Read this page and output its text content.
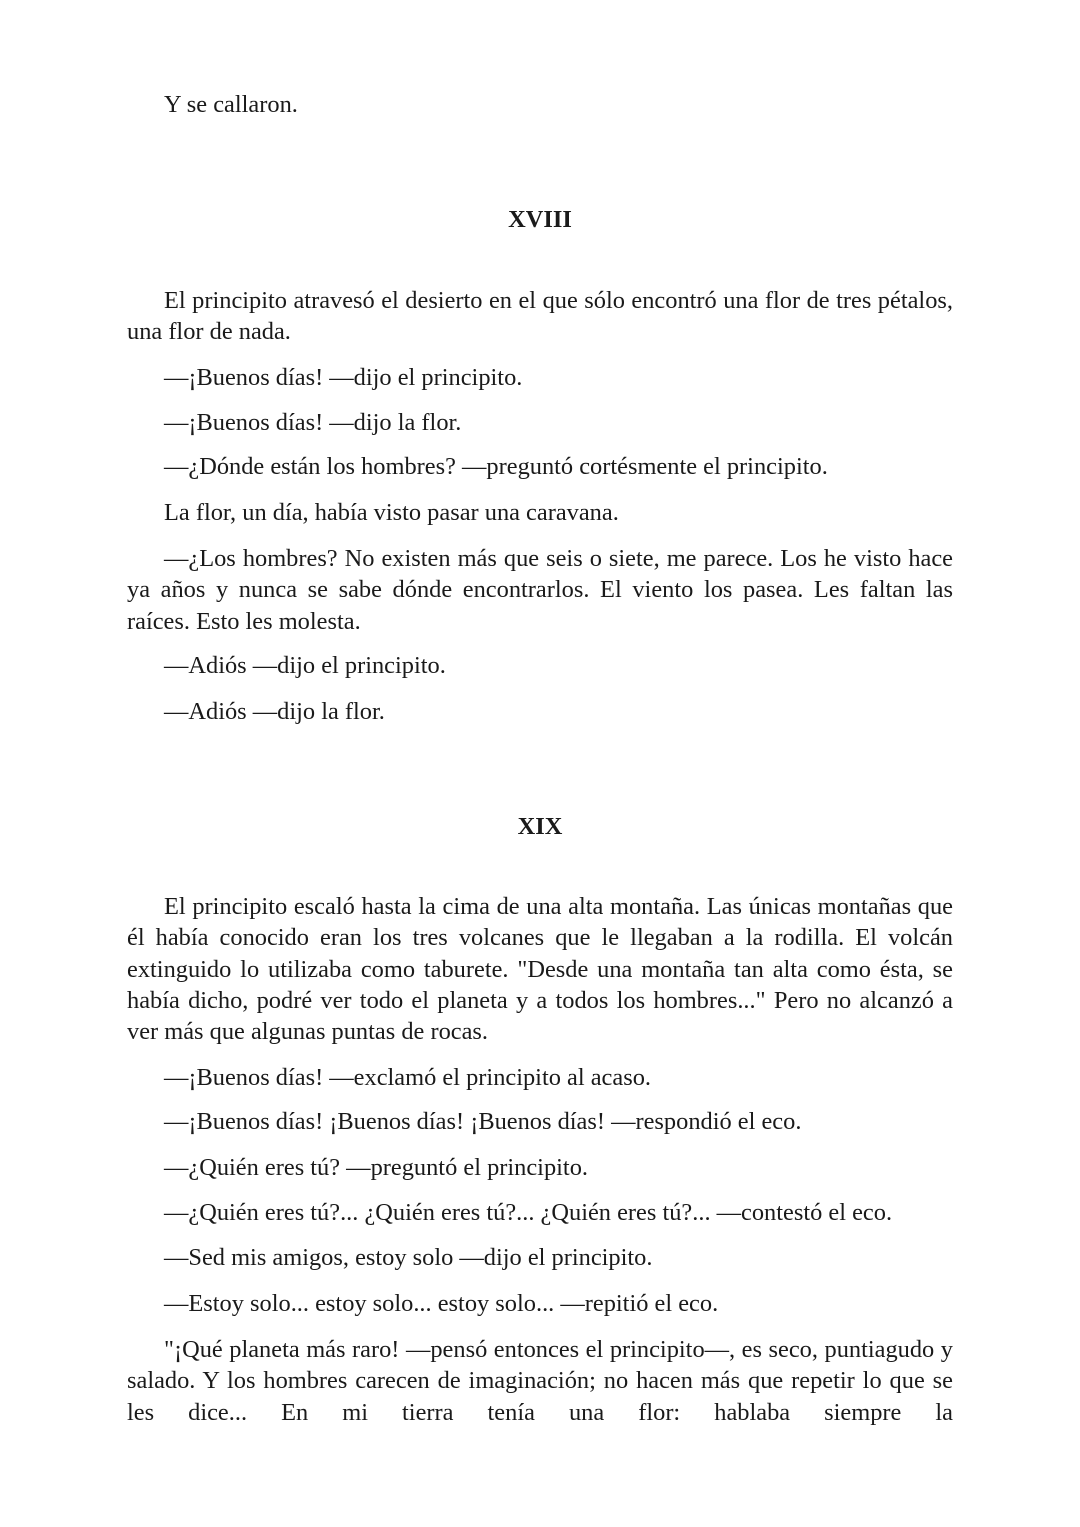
Y se callaron.

XVIII

El principito atravesó el desierto en el que sólo encontró una flor de tres pétalos, una flor de nada.

—¡Buenos días! —dijo el principito.

—¡Buenos días! —dijo la flor.

—¿Dónde están los hombres? —preguntó cortésmente el principito.

La flor, un día, había visto pasar una caravana.

—¿Los hombres? No existen más que seis o siete, me parece. Los he visto hace ya años y nunca se sabe dónde encontrarlos. El viento los pasea. Les faltan las raíces. Esto les molesta.

—Adiós —dijo el principito.

—Adiós —dijo la flor.

XIX

El principito escaló hasta la cima de una alta montaña. Las únicas montañas que él había conocido eran los tres volcanes que le llegaban a la rodilla. El volcán extinguido lo utilizaba como taburete. "Desde una montaña tan alta como ésta, se había dicho, podré ver todo el planeta y a todos los hombres..." Pero no alcanzó a ver más que algunas puntas de rocas.

—¡Buenos días! —exclamó el principito al acaso.

—¡Buenos días! ¡Buenos días! ¡Buenos días! —respondió el eco.

—¿Quién eres tú? —preguntó el principito.

—¿Quién eres tú?... ¿Quién eres tú?... ¿Quién eres tú?... —contestó el eco.

—Sed mis amigos, estoy solo —dijo el principito.

—Estoy solo... estoy solo... estoy solo... —repitió el eco.

"¡Qué planeta más raro! —pensó entonces el principito—, es seco, puntiagudo y salado. Y los hombres carecen de imaginación; no hacen más que repetir lo que se les dice... En mi tierra tenía una flor: hablaba siempre la
